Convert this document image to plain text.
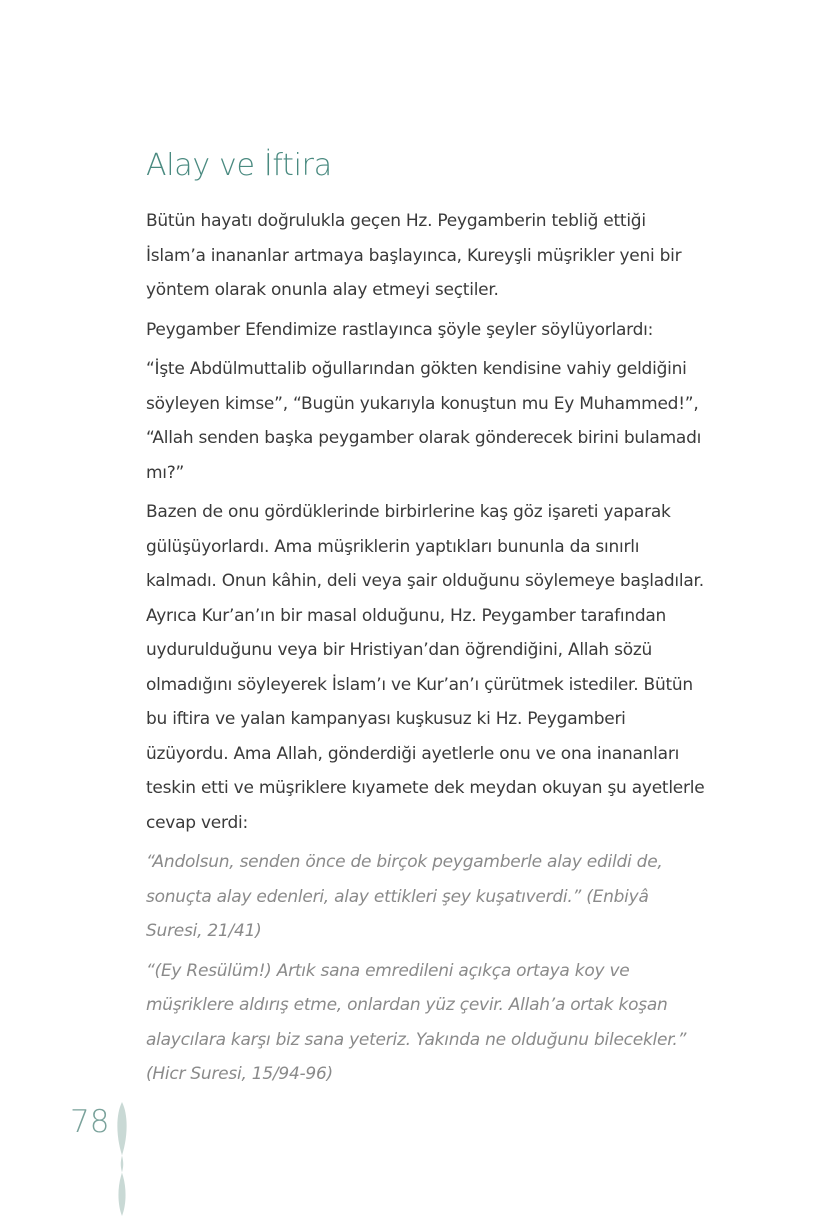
Alay ve İftira

Bütün hayatı doğrulukla geçen Hz. Peygamberin tebliğ ettiği İslam’a inananlar artmaya başlayınca, Kureyşli müşrikler yeni bir yöntem olarak onunla alay etmeyi seçtiler.

Peygamber Efendimize rastlayınca şöyle şeyler söylüyorlardı:

“İşte Abdülmuttalib oğullarından gökten kendisine vahiy geldiğini söyleyen kimse”, “Bugün yukarıyla konuştun mu Ey Muhammed!”, “Allah senden başka peygamber olarak gönderecek birini bulamadı mı?”

Bazen de onu gördüklerinde birbirlerine kaş göz işareti yaparak gülüşüyorlardı. Ama müşriklerin yaptıkları bununla da sınırlı kalmadı. Onun kâhin, deli veya şair olduğunu söylemeye başladılar. Ayrıca Kur’an’ın bir masal olduğunu, Hz. Peygamber tarafından uydurulduğunu veya bir Hristiyan’dan öğrendiğini, Allah sözü olmadığını söyleyerek İslam’ı ve Kur’an’ı çürütmek istediler. Bütün bu iftira ve yalan kampanyası kuşkusuz ki Hz. Peygamberi üzüyordu. Ama Allah, gönderdiği ayetlerle onu ve ona inananları teskin etti ve müşriklere kıyamete dek meydan okuyan şu ayetlerle cevap verdi:

“Andolsun, senden önce de birçok peygamberle alay edildi de, sonuçta alay edenleri, alay ettikleri şey kuşatıverdi.” (Enbiyâ Suresi, 21/41)

“(Ey Resülüm!) Artık sana emredileni açıkça ortaya koy ve müşriklere aldırış etme, onlardan yüz çevir. Allah’a ortak koşan alaycılara karşı biz sana yeteriz. Yakında ne olduğunu bilecekler.” (Hicr Suresi, 15/94-96)

78
